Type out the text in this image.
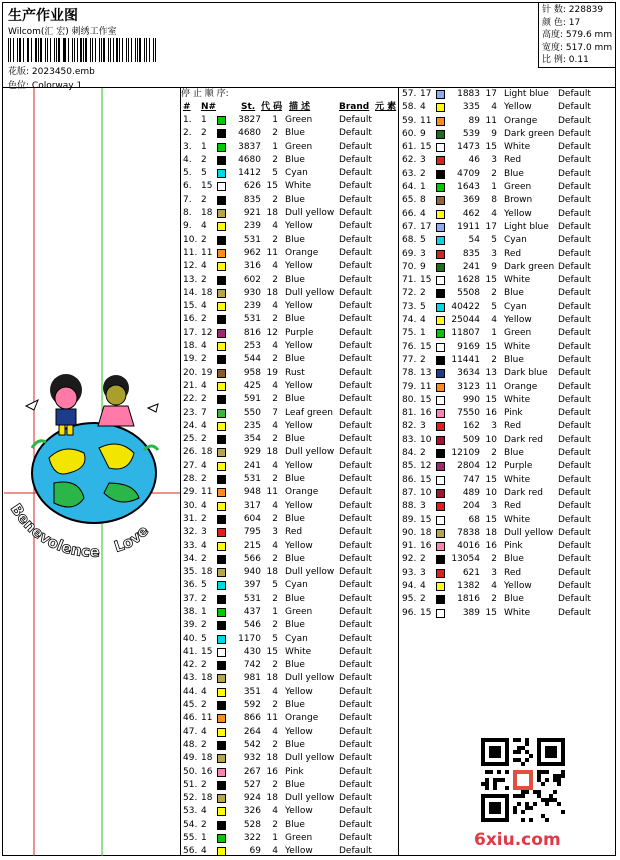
生产作业图
Wilcom(汇 宏) 刺绣工作室
花版: 2023450.emb
色位: Colorway 1
针 数: 228839
颜 色: 17
高度: 579.6 mm
宽度: 517.0 mm
比 例: 0.11
Benevolence Love
停 止 顺 序:
# N#	St. 代 码 描 述	Brand 元 素
1. 1	3827	1 Green	Default
2. 2	4680	2 Blue	Default
3. 1	3837	1 Green	Default
4. 2	4680	2 Blue	Default
5. 5	1412	5 Cyan	Default
6. 15	626 15 White	Default
7. 2	835	2 Blue	Default
8. 18	921 18 Dull yellow Default
9. 4	239	4 Yellow	Default
10. 2	531	2 Blue	Default
11. 11	962 11 Orange Default
12. 4	316	4 Yellow	Default
13. 2	602	2 Blue	Default
14. 18	930 18 Dull yellow Default
15. 4	239	4 Yellow	Default
16. 2	531	2 Blue	Default
17. 12	816 12 Purple	Default
18. 4	253	4 Yellow	Default
19. 2	544	2 Blue	Default
20. 19	958 19 Rust	Default
21. 4	425	4 Yellow	Default
22. 2	591	2 Blue	Default
23. 7	550	7 Leaf green Default
24. 4	235	4 Yellow	Default
25. 2	354	2 Blue	Default
26. 18	929 18 Dull yellow Default
27. 4	241	4 Yellow	Default
28. 2	531	2 Blue	Default
29. 11	948 11 Orange Default
30. 4	317	4 Yellow	Default
31. 2	604	2 Blue	Default
32. 3	795	3 Red	Default
33. 4	215	4 Yellow	Default
34. 2	566	2 Blue	Default
35. 18	940 18 Dull yellow Default
36. 5	397	5 Cyan	Default
37. 2	531	2 Blue	Default
38. 1	437	1 Green	Default
39. 2	546	2 Blue	Default
40. 5	1170	5 Cyan	Default
41. 15	430 15 White	Default
42. 2	742	2 Blue	Default
43. 18	981 18 Dull yellow Default
44. 4	351	4 Yellow	Default
45. 2	592	2 Blue	Default
46. 11	866 11 Orange Default
47. 4	264	4 Yellow	Default
48. 2	542	2 Blue	Default
49. 18	932 18 Dull yellow Default
50. 16	267 16 Pink	Default
51. 2	527	2 Blue	Default
52. 18	924 18 Dull yellow Default
53. 4	326	4 Yellow	Default
54. 2	528	2 Blue	Default
55. 1	322	1 Green	Default
56. 4	69	4 Yellow	Default
57. 17	1883 17 Light blue Default
58. 4	335	4 Yellow	Default
59. 11	89 11 Orange Default
60. 9	539	9 Dark green Default
61. 15	1473 15 White	Default
62. 3	46	3 Red	Default
63. 2	4709	2 Blue	Default
64. 1	1643	1 Green	Default
65. 8	369	8 Brown	Default
66. 4	462	4 Yellow	Default
67. 17	1911 17 Light blue Default
68. 5	54	5 Cyan	Default
69. 3	835	3 Red	Default
70. 9	241	9 Dark green Default
71. 15	1628 15 White	Default
72. 2	5508	2 Blue	Default
73. 5	40422	5 Cyan	Default
74. 4	25044	4 Yellow	Default
75. 1	11807	1 Green	Default
76. 15	9169 15 White	Default
77. 2	11441	2 Blue	Default
78. 13	3634 13 Dark blue Default
79. 11	3123 11 Orange Default
80. 15	990 15 White	Default
81. 16	7550 16 Pink	Default
82. 3	162	3 Red	Default
83. 10	509 10 Dark red Default
84. 2	12109	2 Blue	Default
85. 12	2804 12 Purple	Default
86. 15	747 15 White	Default
87. 10	489 10 Dark red Default
88. 3	204	3 Red	Default
89. 15	68 15 White	Default
90. 18	7838 18 Dull yellow Default
91. 16	4016 16 Pink	Default
92. 2	13054	2 Blue	Default
93. 3	621	3 Red	Default
94. 4	1382	4 Yellow	Default
95. 2	1816	2 Blue	Default
96. 15	389 15 White	Default
6xiu.com
